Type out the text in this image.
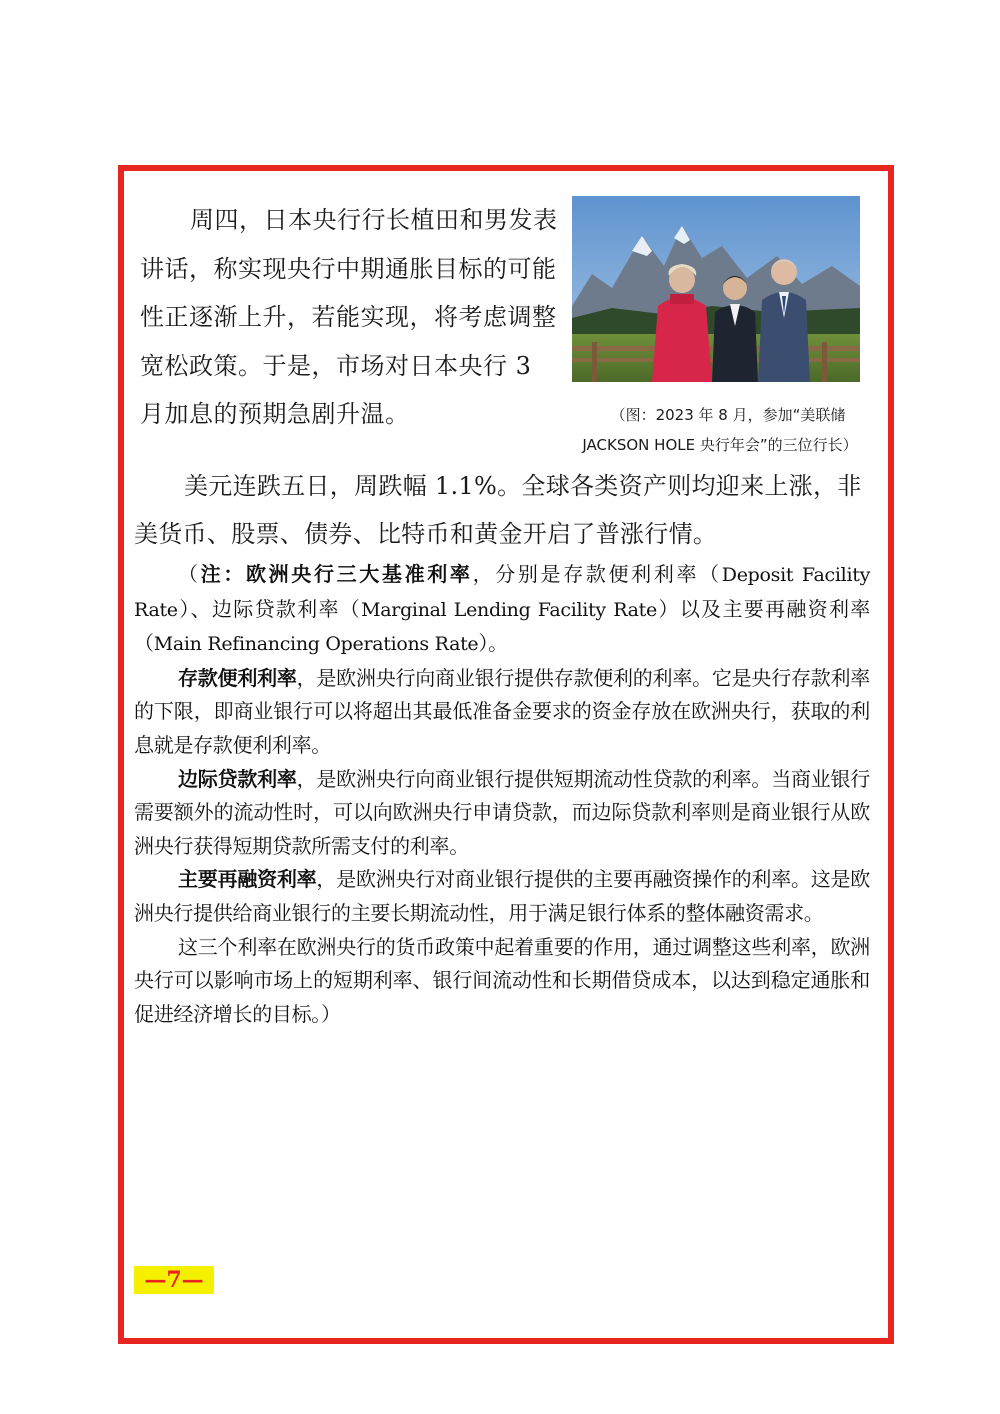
周四，日本央行行长植田和男发表讲话，称实现央行中期通胀目标的可能性正逐渐上升，若能实现，将考虑调整宽松政策。于是，市场对日本央行 3 月加息的预期急剧升温。	（图：2023 年 8 月，参加“美联储
JACKSON HOLE 央行年会”的三位行长）

美元连跌五日，周跌幅 1.1%。全球各类资产则均迎来上涨，非美货币、股票、债券、比特币和黄金开启了普涨行情。

（注：欧洲央行三大基准利率，分别是存款便利利率（Deposit Facility Rate）、边际贷款利率（Marginal Lending Facility Rate）以及主要再融资利率（Main Refinancing Operations Rate）。

存款便利利率，是欧洲央行向商业银行提供存款便利的利率。它是央行存款利率的下限，即商业银行可以将超出其最低准备金要求的资金存放在欧洲央行，获取的利息就是存款便利利率。

边际贷款利率，是欧洲央行向商业银行提供短期流动性贷款的利率。当商业银行需要额外的流动性时，可以向欧洲央行申请贷款，而边际贷款利率则是商业银行从欧洲央行获得短期贷款所需支付的利率。

主要再融资利率，是欧洲央行对商业银行提供的主要再融资操作的利率。这是欧洲央行提供给商业银行的主要长期流动性，用于满足银行体系的整体融资需求。

这三个利率在欧洲央行的货币政策中起着重要的作用，通过调整这些利率，欧洲央行可以影响市场上的短期利率、银行间流动性和长期借贷成本，以达到稳定通胀和促进经济增长的目标。）

—7—
